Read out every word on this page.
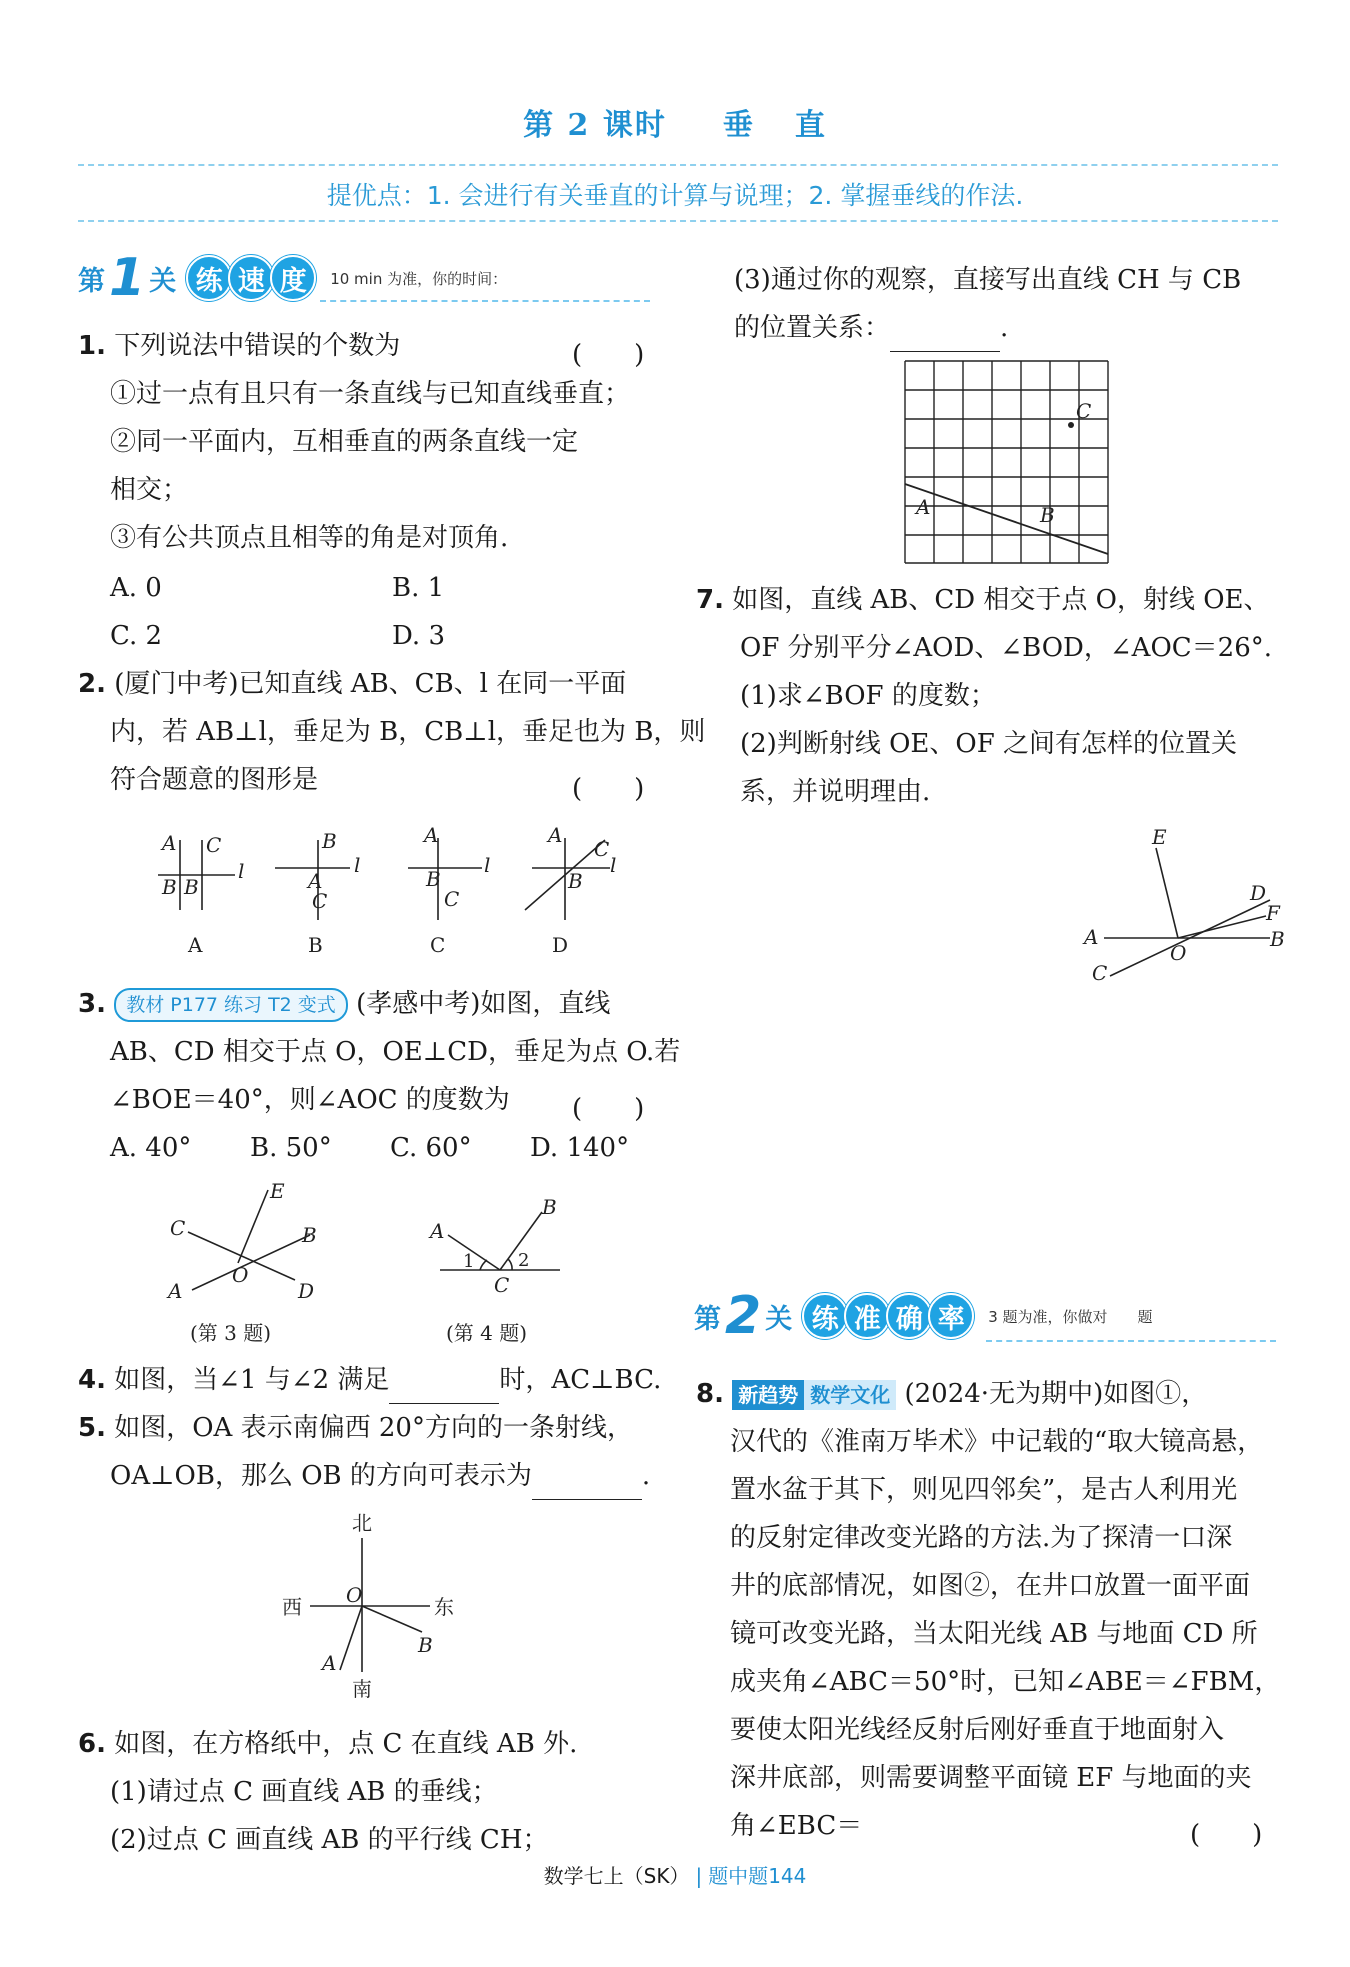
第 2 课时 垂 直
提优点：1. 会进行有关垂直的计算与说理；2. 掌握垂线的作法.
第 1 关 练 速 度	10 min 为准，你的时间：
1. 下列说法中错误的个数为	(　　)
①过一点有且只有一条直线与已知直线垂直；
②同一平面内，互相垂直的两条直线一定
相交；
③有公共顶点且相等的角是对顶角.
A. 0	B. 1
C. 2	D. 3
2. (厦门中考)已知直线 AB、CB、l 在同一平面
内，若 AB⊥l，垂足为 B，CB⊥l，垂足也为 B，则
符合题意的图形是	(　　)
A C
l
B B
B
l
A
C
A
l
B
C
A
C
l
B
A	B	C	D
3. 教材 P177 练习 T2 变式 (孝感中考)如图，直线
AB、CD 相交于点 O，OE⊥CD，垂足为点 O.若
∠BOE＝40°，则∠AOC 的度数为 (　　)
A. 40° B. 50° C. 60° D. 140°
C
E
B
O
A	D
A
B
1 2
C
(第 3 题)	(第 4 题)
4. 如图，当∠1 与∠2 满足	时，AC⊥BC.
5. 如图，OA 表示南偏西 20°方向的一条射线，
OA⊥OB，那么 OB 的方向可表示为	.
北
南
西	东
O
B
A
6. 如图，在方格纸中，点 C 在直线 AB 外.
(1)请过点 C 画直线 AB 的垂线；
(2)过点 C 画直线 AB 的平行线 CH；
(3)通过你的观察，直接写出直线 CH 与 CB
的位置关系：	.
C
A	B
7. 如图，直线 AB、CD 相交于点 O，射线 OE、
OF 分别平分∠AOD、∠BOD，∠AOC＝26°.
(1)求∠BOF 的度数；
(2)判断射线 OE、OF 之间有怎样的位置关
系，并说明理由.
E
D
F
B
A
O
C
第 2 关 练 准 确 率	3 题为准，你做对　　题
8. 新趋势 数学文化 (2024·无为期中)如图①，
汉代的《淮南万毕术》中记载的“取大镜高悬，
置水盆于其下，则见四邻矣”，是古人利用光
的反射定律改变光路的方法.为了探清一口深
井的底部情况，如图②，在井口放置一面平面
镜可改变光路，当太阳光线 AB 与地面 CD 所
成夹角∠ABC＝50°时，已知∠ABE＝∠FBM，
要使太阳光线经反射后刚好垂直于地面射入
深井底部，则需要调整平面镜 EF 与地面的夹
角∠EBC＝	(　　)
数学七上（SK） | 题中题144
